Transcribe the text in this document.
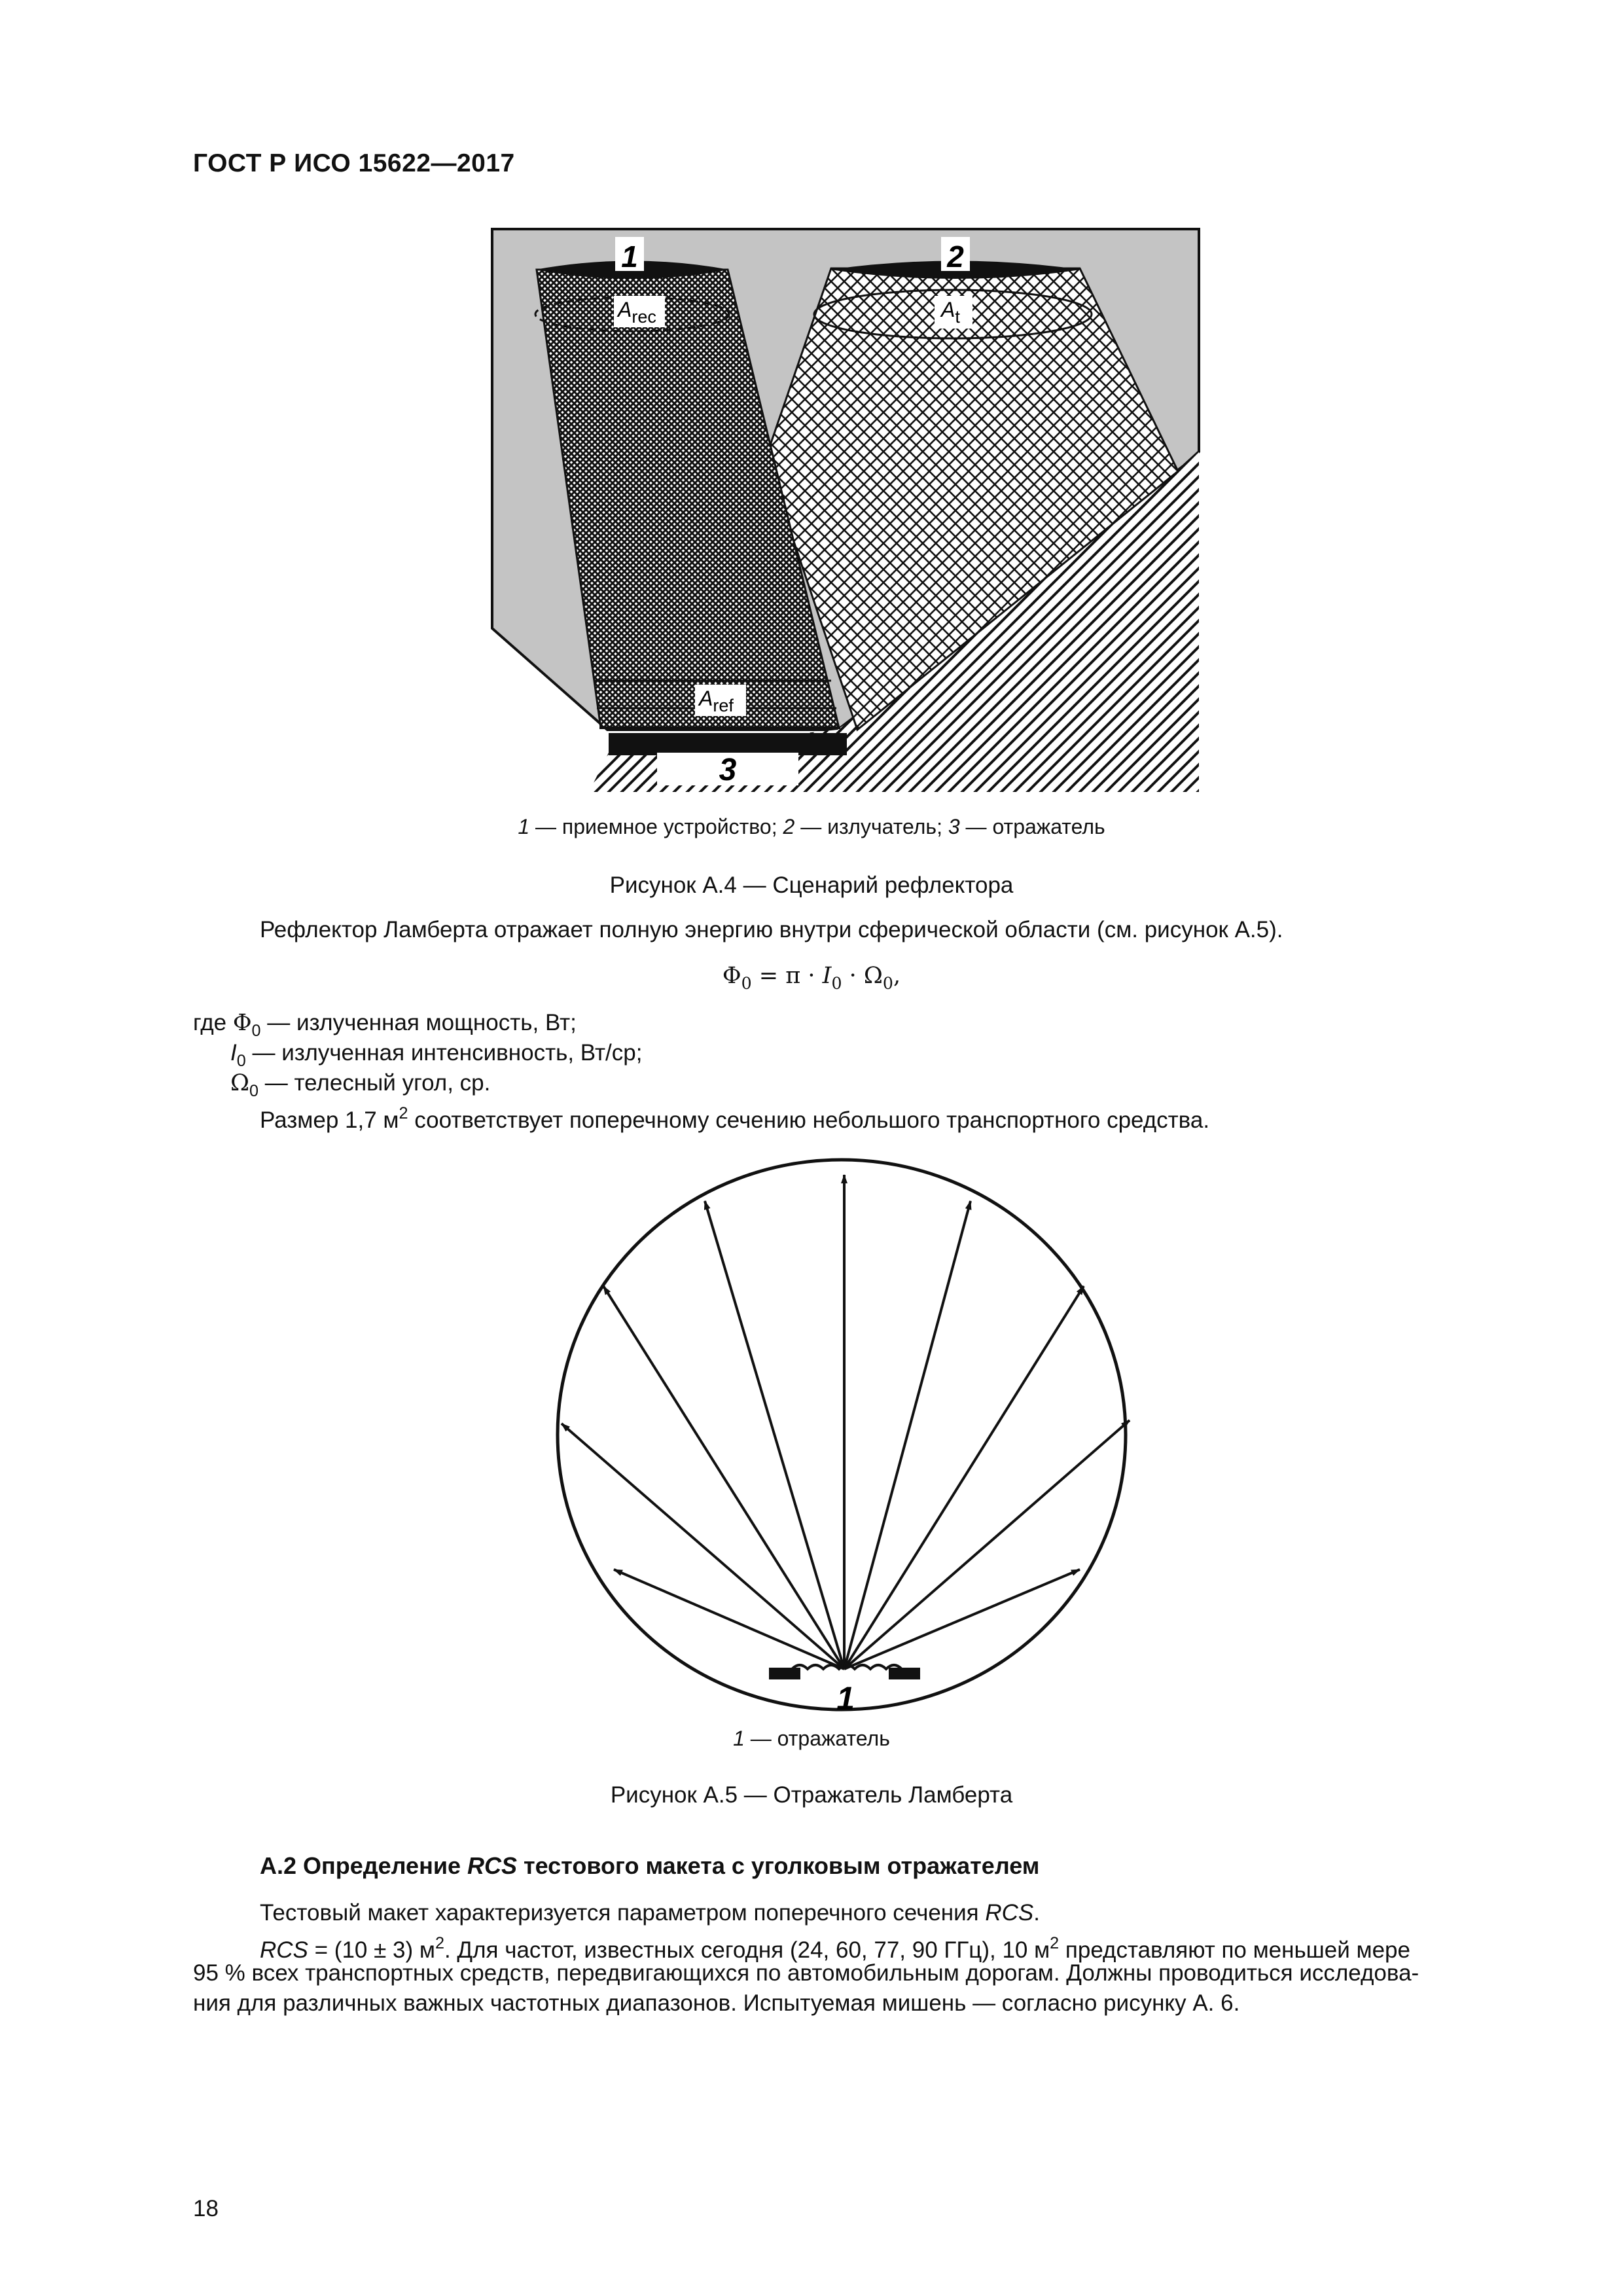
ГОСТ Р ИСО 15622—2017
1	2
3
$A_{rec}$	$A_t$
$A_{ref}$
1 — приемное устройство; 2 — излучатель; 3 — отражатель
Рисунок А.4 — Сценарий рефлектора
Рефлектор Ламберта отражает полную энергию внутри сферической области (см. рисунок А.5).
$\Phi_0 = \pi \cdot I_0 \cdot \Omega_0$,
где $\Phi_0$ — излученная мощность, Вт;
$I_0$ — излученная интенсивность, Вт/ср;
$\Omega_0$ — телесный угол, ср.
Размер 1,7 $м^2$ соответствует поперечному сечению небольшого транспортного средства.
1
1 — отражатель
Рисунок А.5 — Отражатель Ламберта
А.2 Определение RCS тестового макета с уголковым отражателем
Тестовый макет характеризуется параметром поперечного сечения RCS.
RCS = (10 ± 3) $м^2$. Для частот, известных сегодня (24, 60, 77, 90 ГГц), 10 $м^2$ представляют по меньшей мере
95 % всех транспортных средств, передвигающихся по автомобильным дорогам. Должны проводиться исследова-
ния для различных важных частотных диапазонов. Испытуемая мишень — согласно рисунку А. 6.
18
